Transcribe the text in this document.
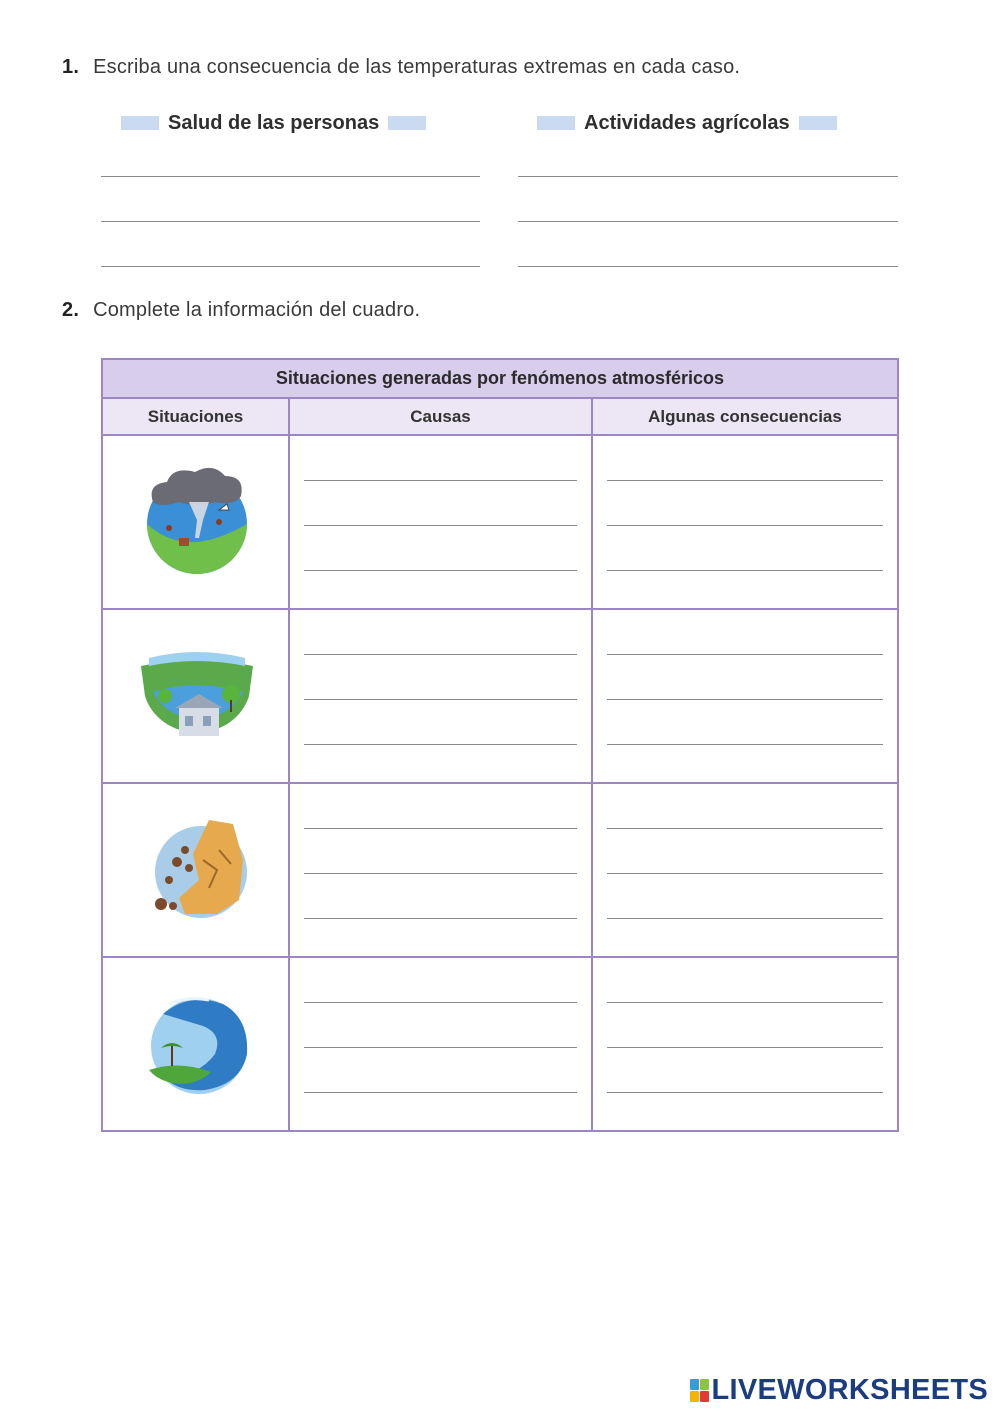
1. Escriba una consecuencia de las temperaturas extremas en cada caso.
Salud de las personas	Actividades agrícolas
2. Complete la información del cuadro.
Situaciones generadas por fenómenos atmosféricos		
Situaciones	Causas	Algunas consecuencias

LIVEWORKSHEETS
